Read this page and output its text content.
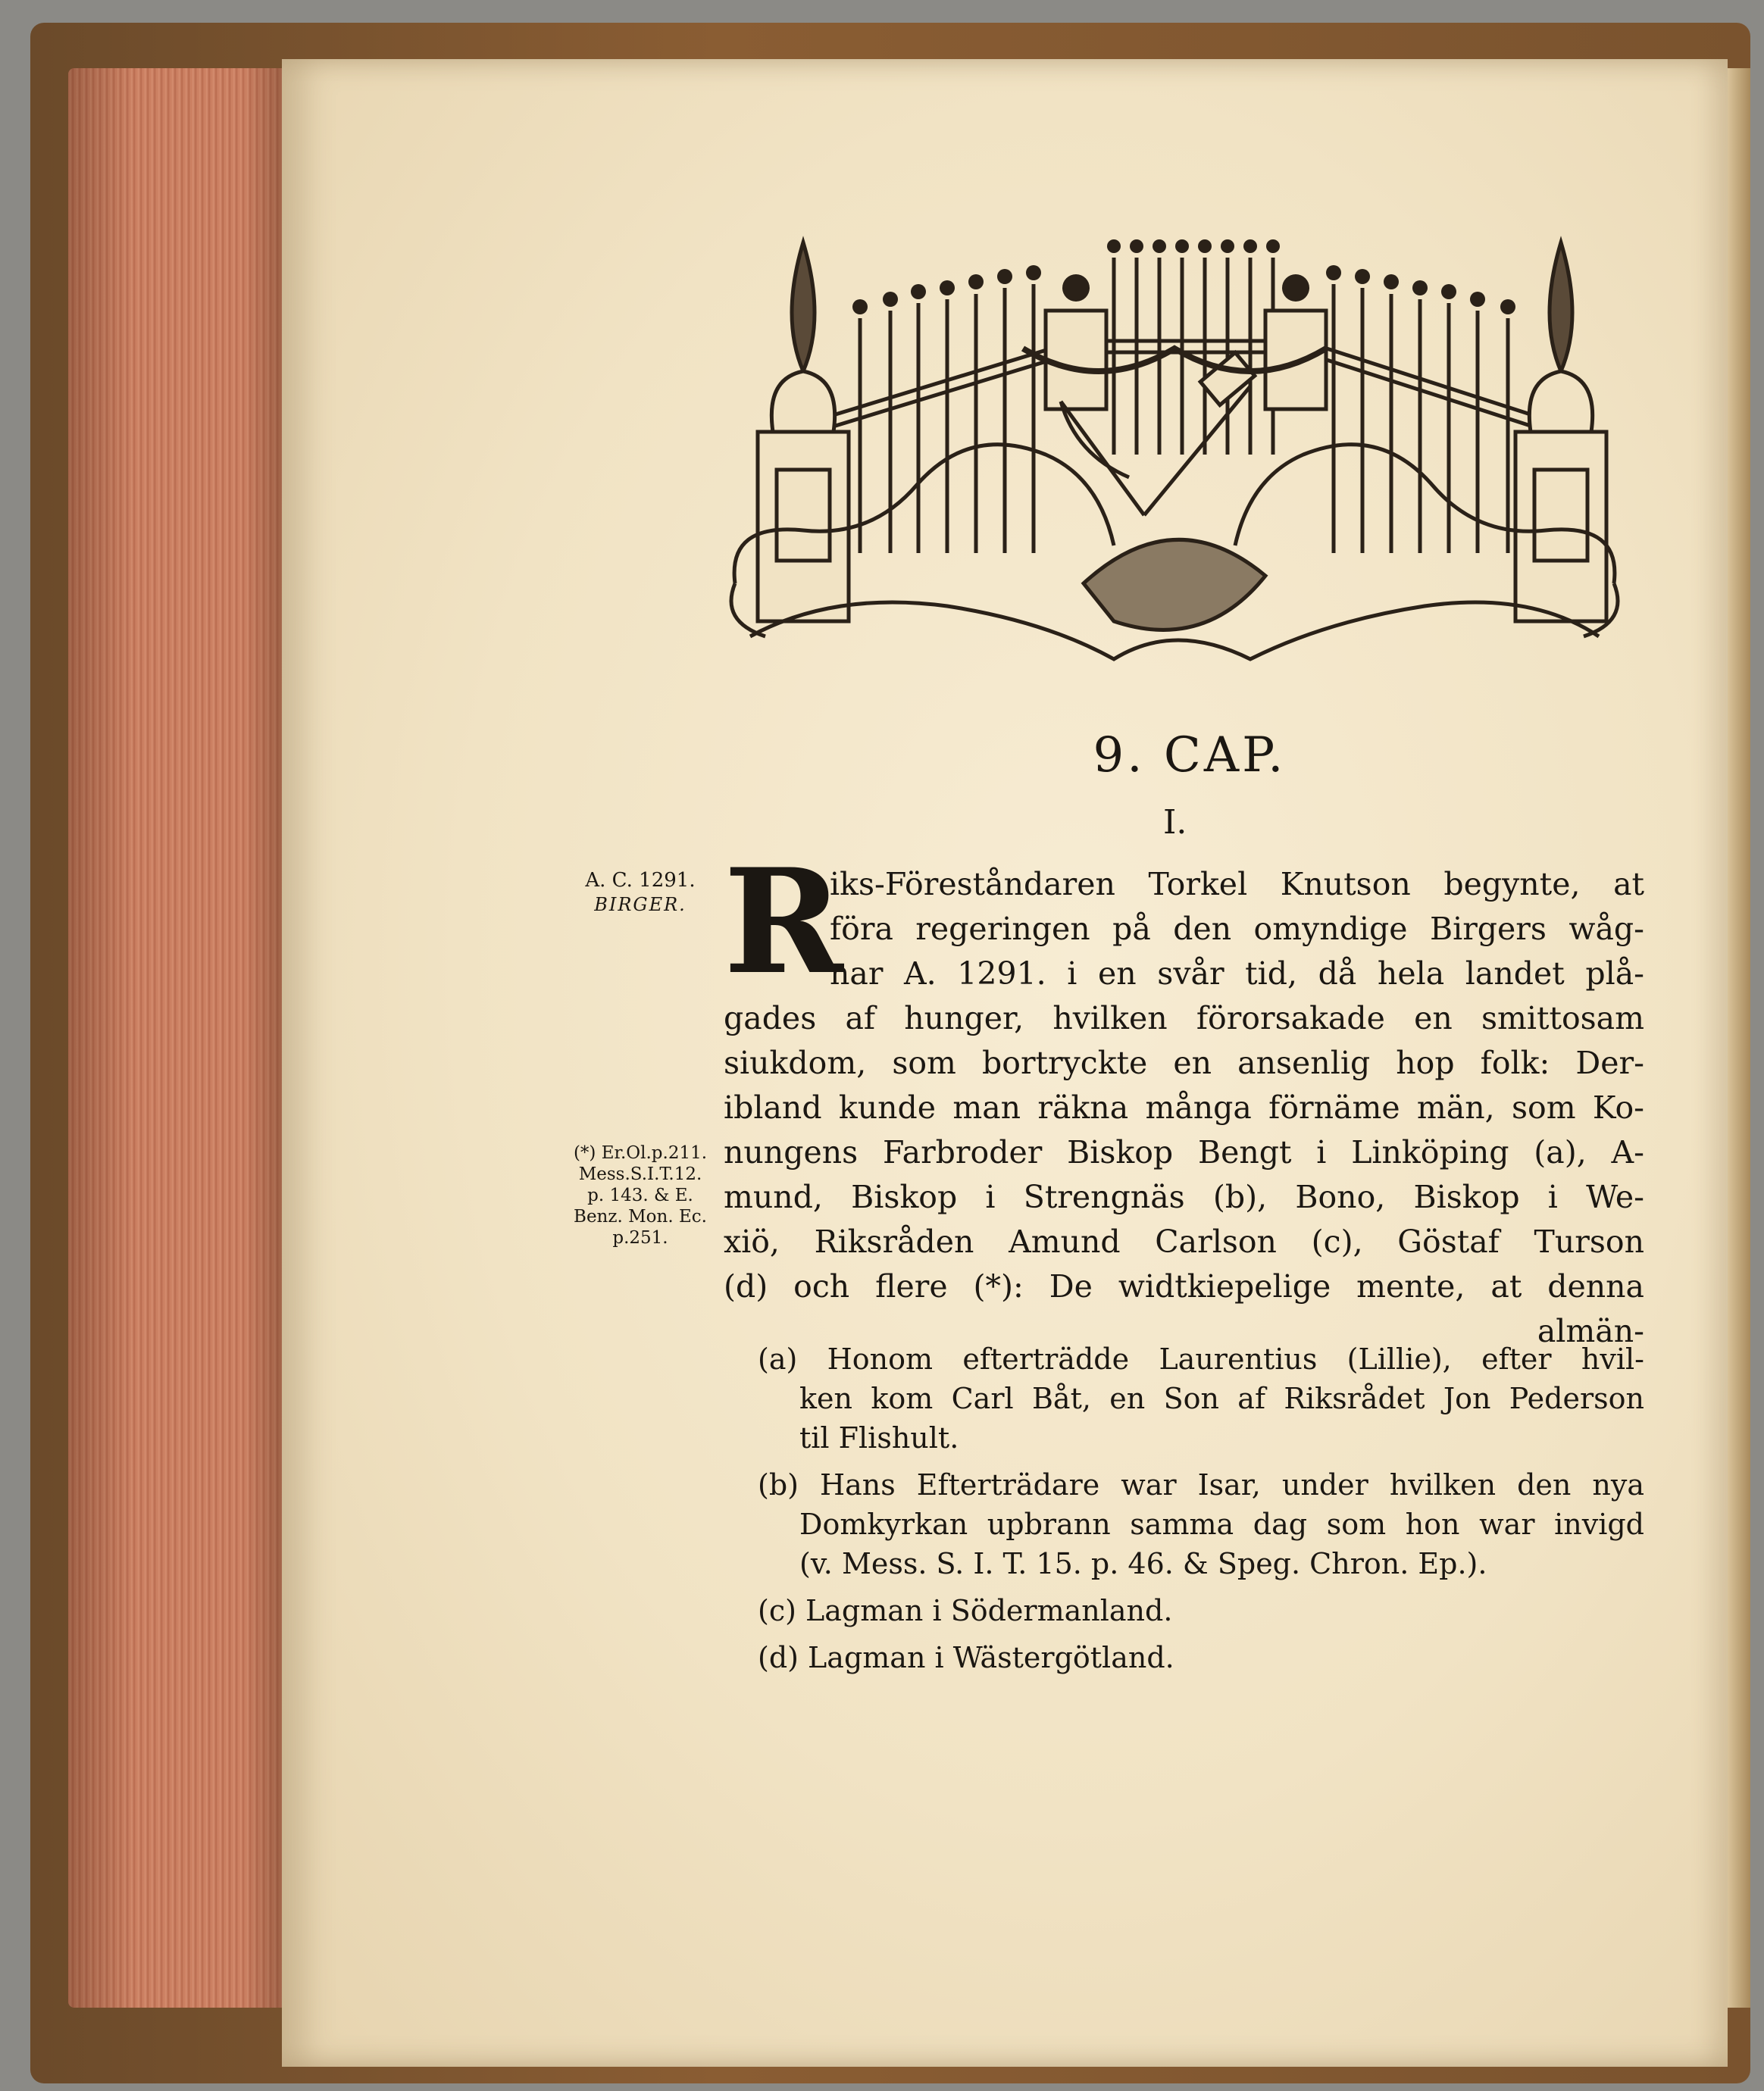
9. CAP.
I.
A. C. 1291.
BIRGER.
(*) Er.Ol.p.211.
Mess.S.I.T.12.
p. 143. & E.
Benz. Mon. Ec.
p.251.
R
iks-Föreståndaren Torkel Knutson begynte, at
föra regeringen på den omyndige Birgers wåg-
nar A. 1291. i en svår tid, då hela landet plå-
gades af hunger, hvilken förorsakade en smittosam
siukdom, som bortryckte en ansenlig hop folk: Der-
ibland kunde man räkna många förnäme män, som Ko-
nungens Farbroder Biskop Bengt i Linköping (a), A-
mund, Biskop i Strengnäs (b), Bono, Biskop i We-
xiö, Riksråden Amund Carlson (c), Göstaf Turson
(d) och flere (*): De widtkiepelige mente, at denna
almän-
(a) Honom efterträdde Laurentius (Lillie), efter hvil-
ken kom Carl Båt, en Son af Riksrådet Jon Pederson
til Flishult.
(b) Hans Efterträdare war Isar, under hvilken den nya
Domkyrkan upbrann samma dag som hon war invigd
(v. Mess. S. I. T. 15. p. 46. & Speg. Chron. Ep.).
(c) Lagman i Södermanland.
(d) Lagman i Wästergötland.
